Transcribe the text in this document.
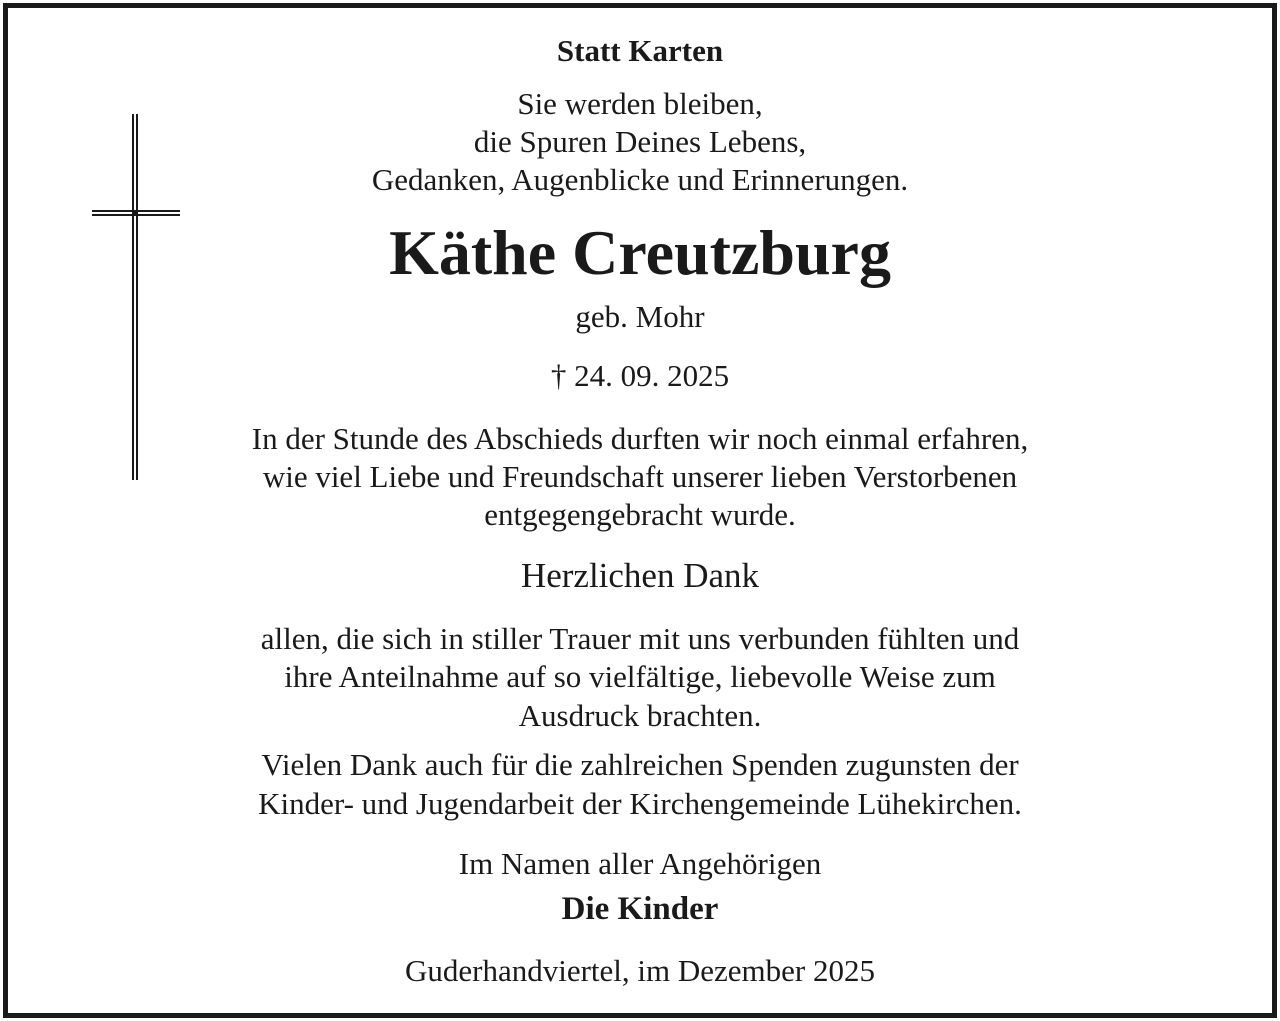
Statt Karten
Sie werden bleiben,
die Spuren Deines Lebens,
Gedanken, Augenblicke und Erinnerungen.
Käthe Creutzburg
geb. Mohr
† 24. 09. 2025
In der Stunde des Abschieds durften wir noch einmal erfahren,
wie viel Liebe und Freundschaft unserer lieben Verstorbenen
entgegengebracht wurde.
Herzlichen Dank
allen, die sich in stiller Trauer mit uns verbunden fühlten und
ihre Anteilnahme auf so vielfältige, liebevolle Weise zum
Ausdruck brachten.
Vielen Dank auch für die zahlreichen Spenden zugunsten der
Kinder- und Jugendarbeit der Kirchengemeinde Lühekirchen.
Im Namen aller Angehörigen
Die Kinder
Guderhandviertel, im Dezember 2025
